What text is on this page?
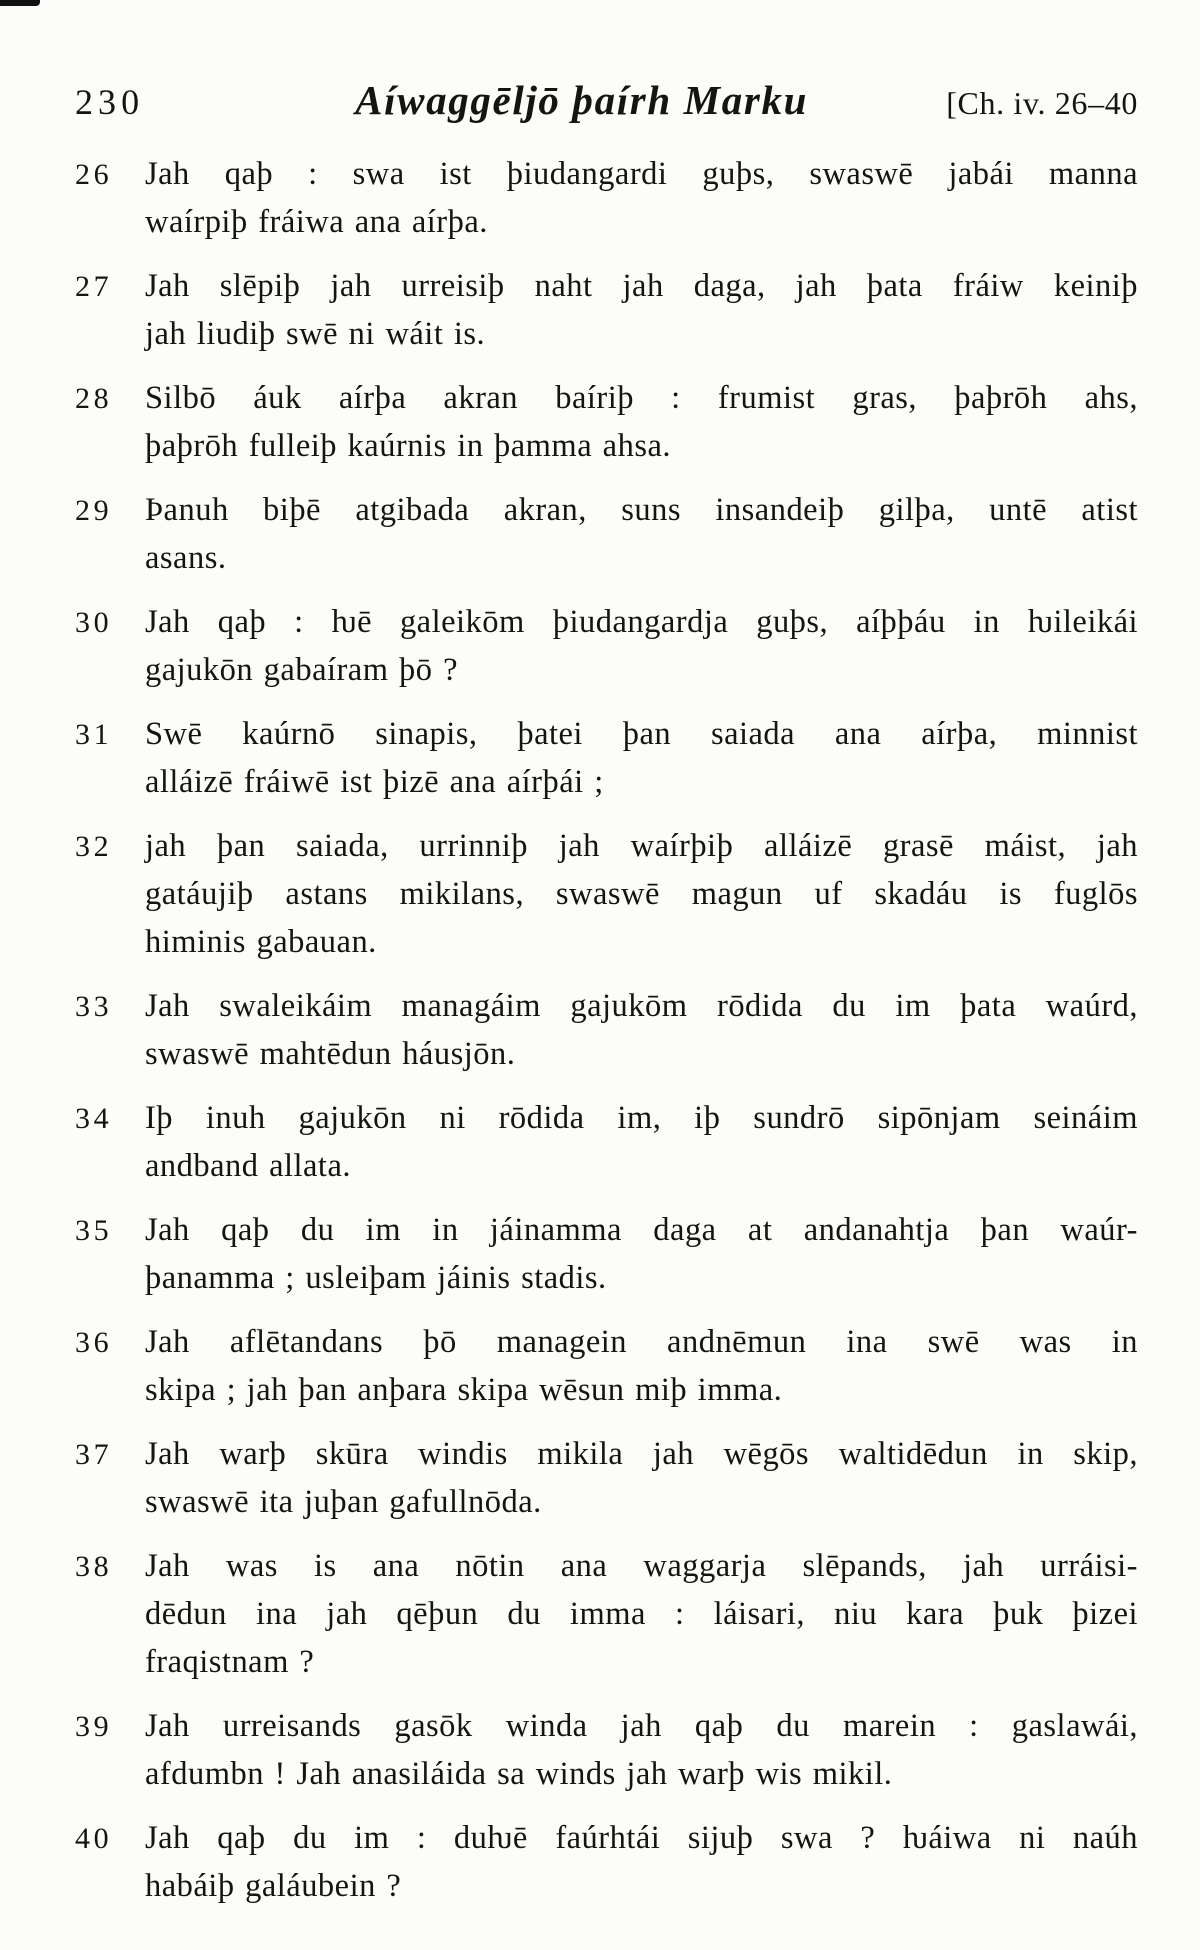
230	Aíwaggēljō þaírh Marku	[Ch. iv. 26–40
26	Jah qaþ : swa ist þiudangardi guþs, swaswē jabái manna
waírpiþ fráiwa ana aírþa.
27	Jah slēpiþ jah urreisiþ naht jah daga, jah þata fráiw keiniþ
jah liudiþ swē ni wáit is.
28	Silbō áuk aírþa akran baíriþ : frumist gras, þaþrōh ahs,
þaþrōh fulleiþ kaúrnis in þamma ahsa.
29	Þanuh biþē atgibada akran, suns insandeiþ gilþa, untē atist
asans.
30	Jah qaþ : ƕē galeikōm þiudangardja guþs, aíþþáu in ƕileikái
gajukōn gabaíram þō ?
31	Swē kaúrnō sinapis, þatei þan saiada ana aírþa, minnist
alláizē fráiwē ist þizē ana aírþái ;
32	jah þan saiada, urrinniþ jah waírþiþ alláizē grasē máist, jah
gatáujiþ astans mikilans, swaswē magun uf skadáu is fuglōs
himinis gabauan.
33	Jah swaleikáim managáim gajukōm rōdida du im þata waúrd,
swaswē mahtēdun háusjōn.
34	Iþ inuh gajukōn ni rōdida im, iþ sundrō sipōnjam seináim
andband allata.
35	Jah qaþ du im in jáinamma daga at andanahtja þan waúr-
þanamma ; usleiþam jáinis stadis.
36	Jah aflētandans þō managein andnēmun ina swē was in
skipa ; jah þan anþara skipa wēsun miþ imma.
37	Jah warþ skūra windis mikila jah wēgōs waltidēdun in skip,
swaswē ita juþan gafullnōda.
38	Jah was is ana nōtin ana waggarja slēpands, jah urráisi-
dēdun ina jah qēþun du imma : láisari, niu kara þuk þizei
fraqistnam ?
39	Jah urreisands gasōk winda jah qaþ du marein : gaslawái,
afdumbn ! Jah anasiláida sa winds jah warþ wis mikil.
40	Jah qaþ du im : duƕē faúrhtái sijuþ swa ? ƕáiwa ni naúh
habáiþ galáubein ?
